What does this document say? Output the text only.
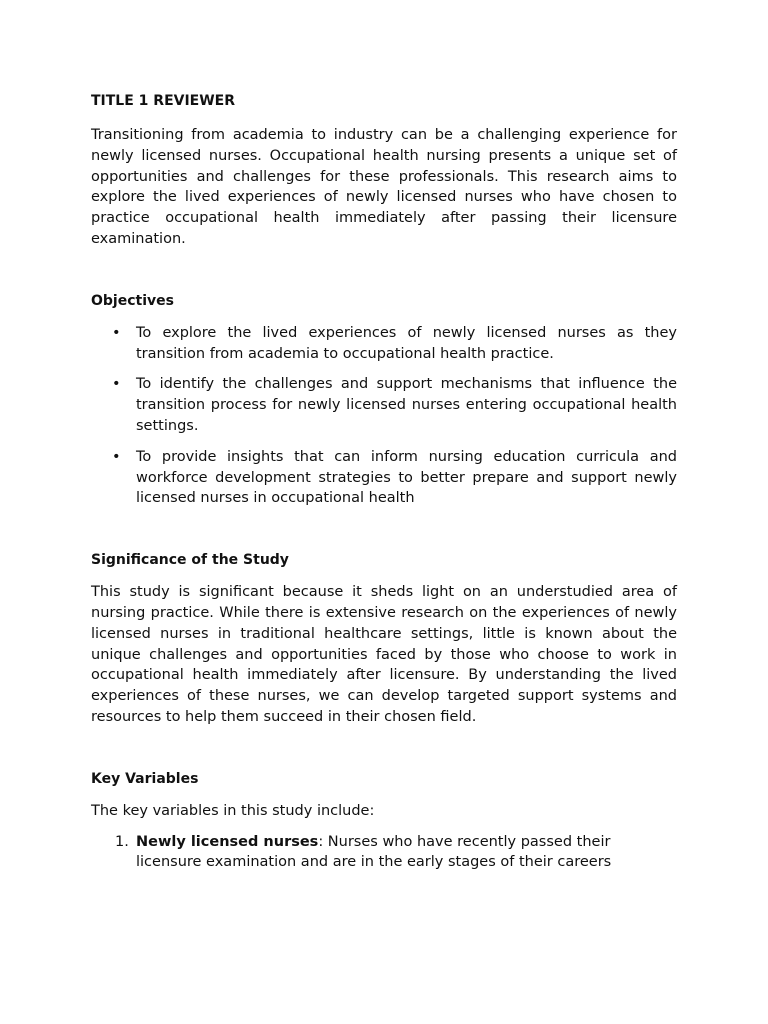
TITLE 1 REVIEWER

Transitioning from academia to industry can be a challenging experience for newly licensed nurses. Occupational health nursing presents a unique set of opportunities and challenges for these professionals. This research aims to explore the lived experiences of newly licensed nurses who have chosen to practice occupational health immediately after passing their licensure examination.

Objectives
• To explore the lived experiences of newly licensed nurses as they transition from academia to occupational health practice.
• To identify the challenges and support mechanisms that influence the transition process for newly licensed nurses entering occupational health settings.
• To provide insights that can inform nursing education curricula and workforce development strategies to better prepare and support newly licensed nurses in occupational health
Significance of the Study

This study is significant because it sheds light on an understudied area of nursing practice. While there is extensive research on the experiences of newly licensed nurses in traditional healthcare settings, little is known about the unique challenges and opportunities faced by those who choose to work in occupational health immediately after licensure. By understanding the lived experiences of these nurses, we can develop targeted support systems and resources to help them succeed in their chosen field.

Key Variables

The key variables in this study include:

1. Newly licensed nurses: Nurses who have recently passed their licensure examination and are in the early stages of their careers
